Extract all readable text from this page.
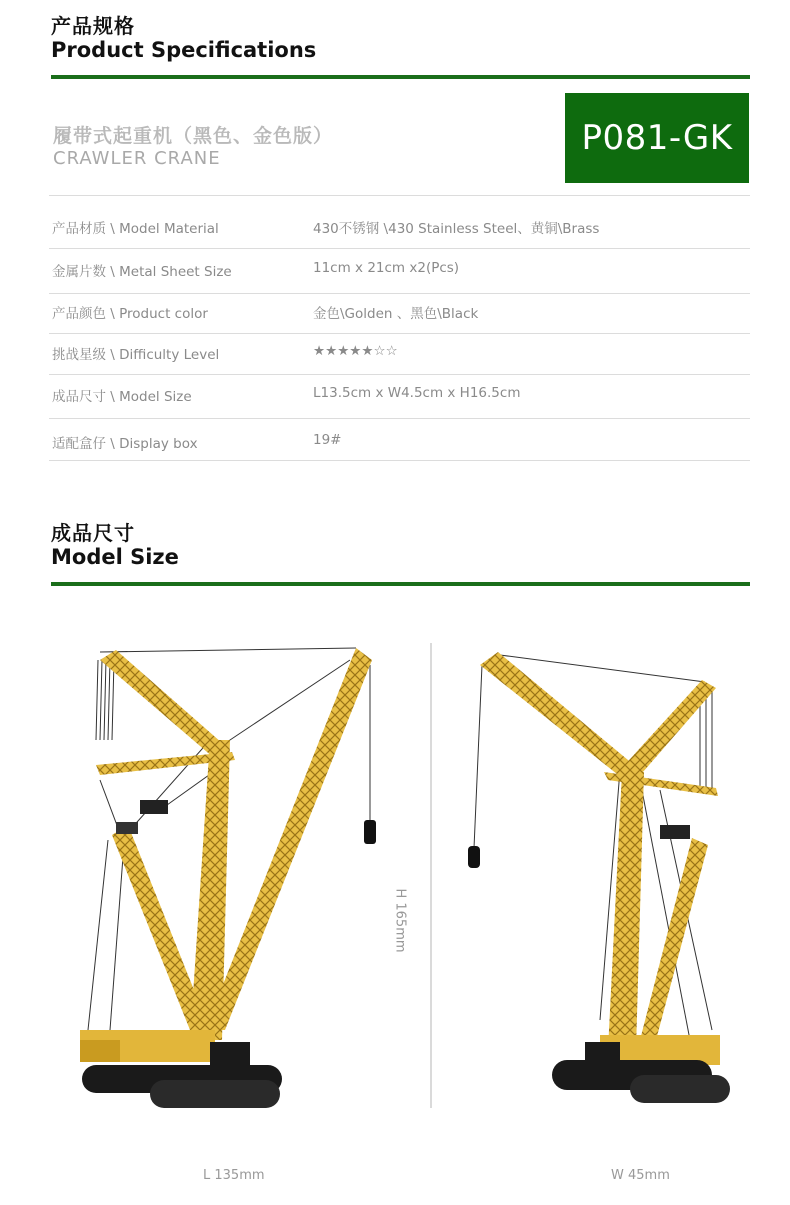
产品规格
Product Specifications
履带式起重机（黑色、金色版）
CRAWLER CRANE
P081-GK
产品材质 \ Model Material	430不锈钢 \430 Stainless Steel、黄铜\Brass
金属片数 \ Metal Sheet Size	11cm x 21cm x2(Pcs)
产品颜色 \ Product color	金色\Golden 、黑色\Black
挑战星级 \ Difficulty Level	★★★★★☆☆
成品尺寸 \ Model Size	L13.5cm x W4.5cm x H16.5cm
适配盒仔 \ Display box	19#
成品尺寸
Model Size
L 135mm	W 45mm
H 165mm
